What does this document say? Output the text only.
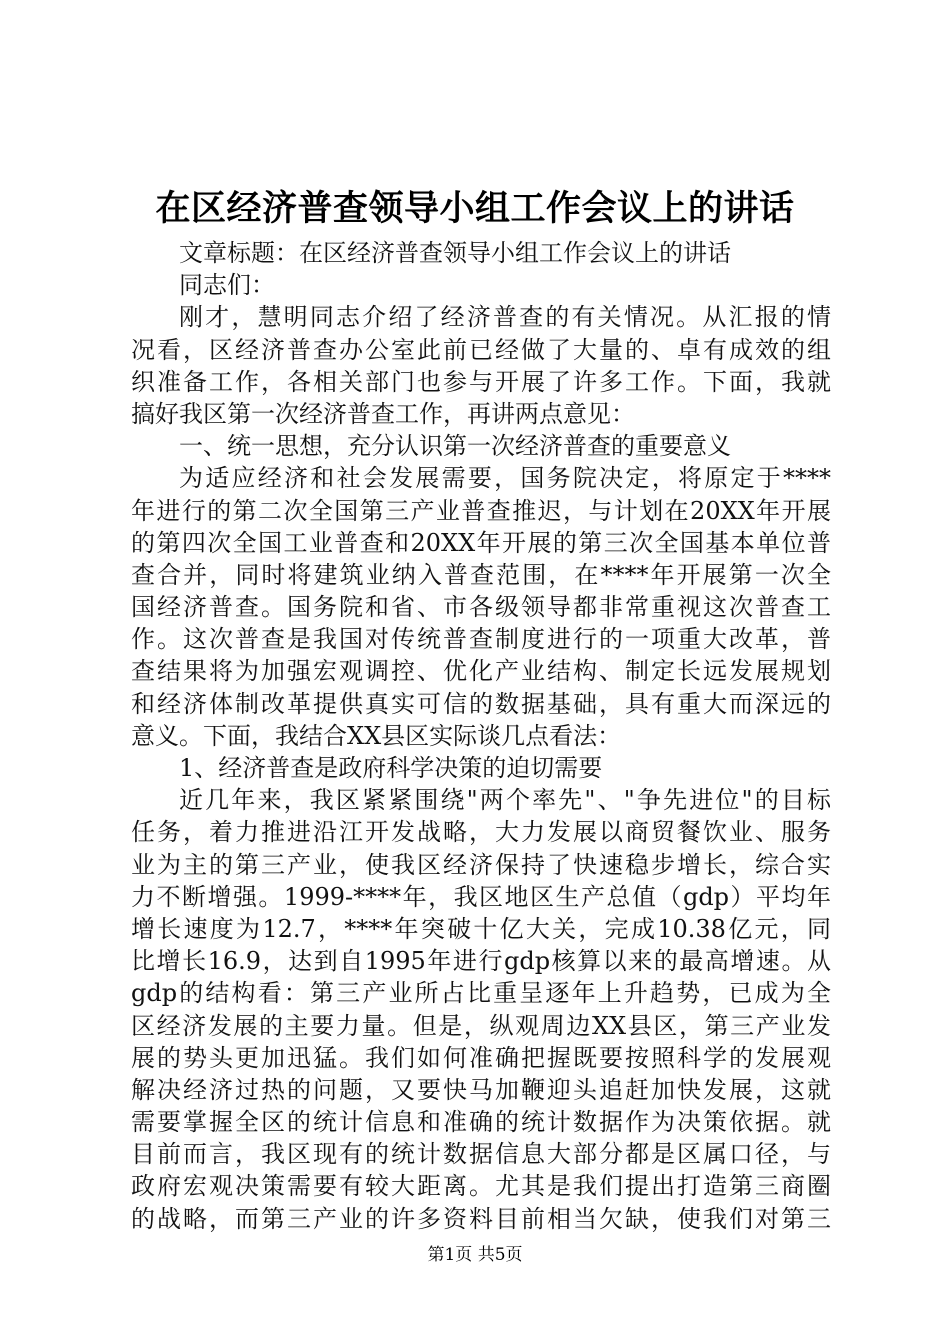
在区经济普查领导小组工作会议上的讲话
文章标题：在区经济普查领导小组工作会议上的讲话
同志们：
刚才，慧明同志介绍了经济普查的有关情况。从汇报的情
况看，区经济普查办公室此前已经做了大量的、卓有成效的组
织准备工作，各相关部门也参与开展了许多工作。下面，我就
搞好我区第一次经济普查工作，再讲两点意见：
一、统一思想，充分认识第一次经济普查的重要意义
为适应经济和社会发展需要，国务院决定，将原定于****
年进行的第二次全国第三产业普查推迟，与计划在20XX年开展
的第四次全国工业普查和20XX年开展的第三次全国基本单位普
查合并，同时将建筑业纳入普查范围，在****年开展第一次全
国经济普查。国务院和省、市各级领导都非常重视这次普查工
作。这次普查是我国对传统普查制度进行的一项重大改革，普
查结果将为加强宏观调控、优化产业结构、制定长远发展规划
和经济体制改革提供真实可信的数据基础，具有重大而深远的
意义。下面，我结合XX县区实际谈几点看法：
1、经济普查是政府科学决策的迫切需要
近几年来，我区紧紧围绕"两个率先"、"争先进位"的目标
任务，着力推进沿江开发战略，大力发展以商贸餐饮业、服务
业为主的第三产业，使我区经济保持了快速稳步增长，综合实
力不断增强。1999-****年，我区地区生产总值（gdp）平均年
增长速度为12.7，****年突破十亿大关，完成10.38亿元，同
比增长16.9，达到自1995年进行gdp核算以来的最高增速。从
gdp的结构看：第三产业所占比重呈逐年上升趋势，已成为全
区经济发展的主要力量。但是，纵观周边XX县区，第三产业发
展的势头更加迅猛。我们如何准确把握既要按照科学的发展观
解决经济过热的问题，又要快马加鞭迎头追赶加快发展，这就
需要掌握全区的统计信息和准确的统计数据作为决策依据。就
目前而言，我区现有的统计数据信息大部分都是区属口径，与
政府宏观决策需要有较大距离。尤其是我们提出打造第三商圈
的战略，而第三产业的许多资料目前相当欠缺，使我们对第三
第1页 共5页
